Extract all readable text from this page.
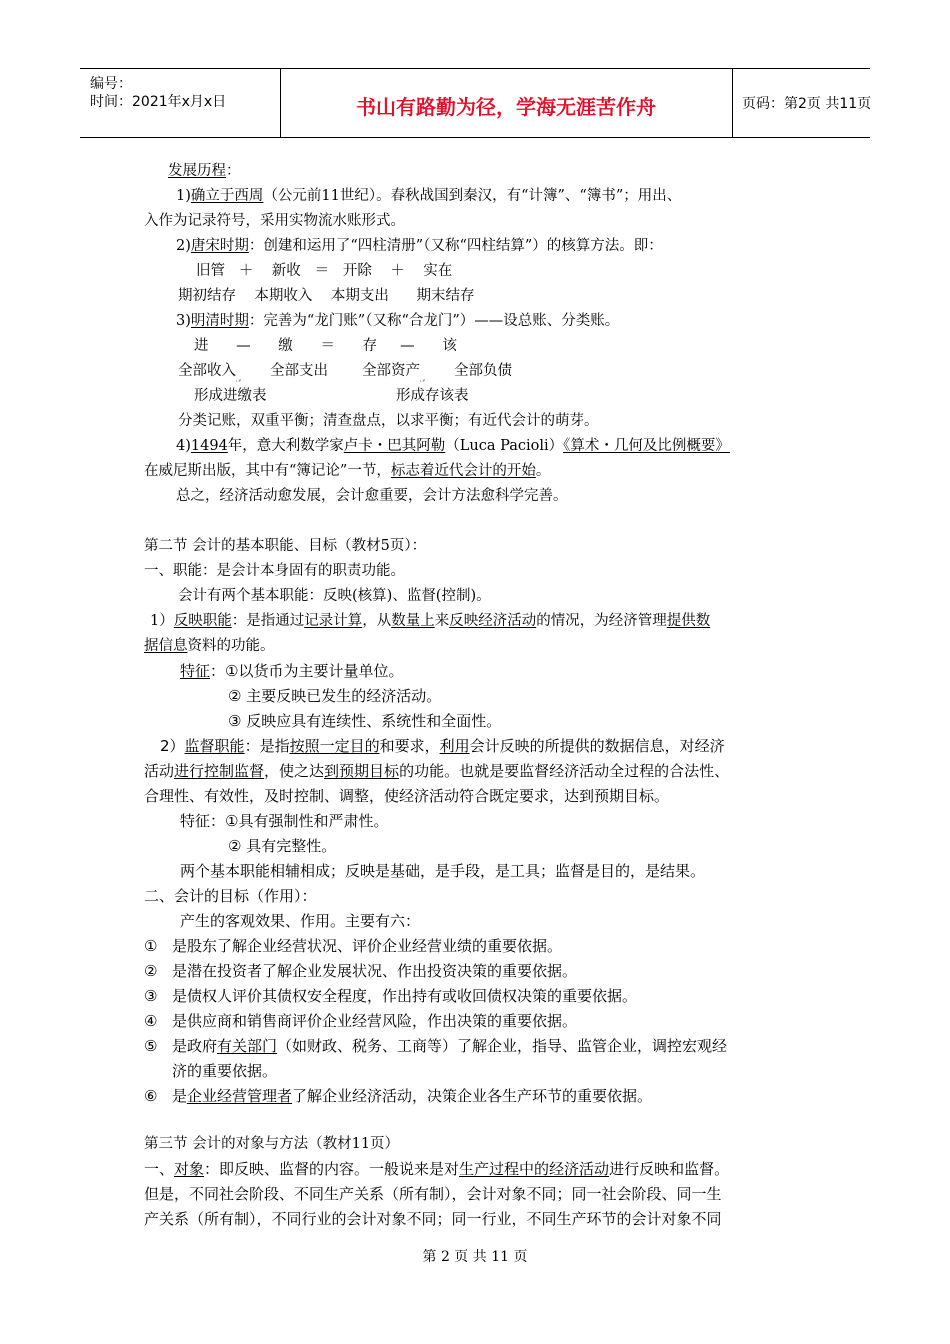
编号：
时间：2021年x月x日	书山有路勤为径，学海无涯苦作舟	页码：第2页 共11页
发展历程：
1)确立于西周（公元前11世纪）。春秋战国到秦汉，有“计簿”、“簿书”；用出、
入作为记录符号，采用实物流水账形式。
2)唐宋时期：创建和运用了“四柱清册”（又称“四柱结算”）的核算方法。即：
旧管   ＋    新收   ＝   开除    ＋    实在
期初结存    本期收入    本期支出      期末结存
3)明清时期：完善为“龙门账”（又称“合龙门”）——设总账、分类账。
进      —      缴      ＝      存     —      该
全部收入 全部支出 全部资产 全部负债
形成进缴表	形成存该表
分类记账，双重平衡；清查盘点，以求平衡；有近代会计的萌芽。
4)1494年，意大利数学家卢卡・巴其阿勒（Luca Pacioli）《算术・几何及比例概要》
在威尼斯出版，其中有“簿记论”一节，标志着近代会计的开始。
总之，经济活动愈发展，会计愈重要，会计方法愈科学完善。
第二节 会计的基本职能、目标（教材5页）：
一、职能：是会计本身固有的职责功能。
会计有两个基本职能：反映(核算)、监督(控制)。
1）反映职能：是指通过记录计算，从数量上来反映经济活动的情况，为经济管理提供数
据信息资料的功能。
特征：①以货币为主要计量单位。
② 主要反映已发生的经济活动。
③ 反映应具有连续性、系统性和全面性。
2）监督职能：是指按照一定目的和要求，利用会计反映的所提供的数据信息，对经济
活动进行控制监督，使之达到预期目标的功能。也就是要监督经济活动全过程的合法性、
合理性、有效性，及时控制、调整，使经济活动符合既定要求，达到预期目标。
特征：①具有强制性和严肃性。
② 具有完整性。
两个基本职能相辅相成；反映是基础，是手段，是工具；监督是目的，是结果。
二、会计的目标（作用）：
产生的客观效果、作用。主要有六：
① 是股东了解企业经营状况、评价企业经营业绩的重要依据。
② 是潜在投资者了解企业发展状况、作出投资决策的重要依据。
③ 是债权人评价其债权安全程度，作出持有或收回债权决策的重要依据。
④ 是供应商和销售商评价企业经营风险，作出决策的重要依据。
⑤ 是政府有关部门（如财政、税务、工商等）了解企业，指导、监管企业，调控宏观经
济的重要依据。
⑥ 是企业经营管理者了解企业经济活动，决策企业各生产环节的重要依据。
第三节 会计的对象与方法（教材11页）
一、对象：即反映、监督的内容。一般说来是对生产过程中的经济活动进行反映和监督。
但是，不同社会阶段、不同生产关系（所有制），会计对象不同；同一社会阶段、同一生
产关系（所有制），不同行业的会计对象不同；同一行业，不同生产环节的会计对象不同
第 2 页 共 11 页
